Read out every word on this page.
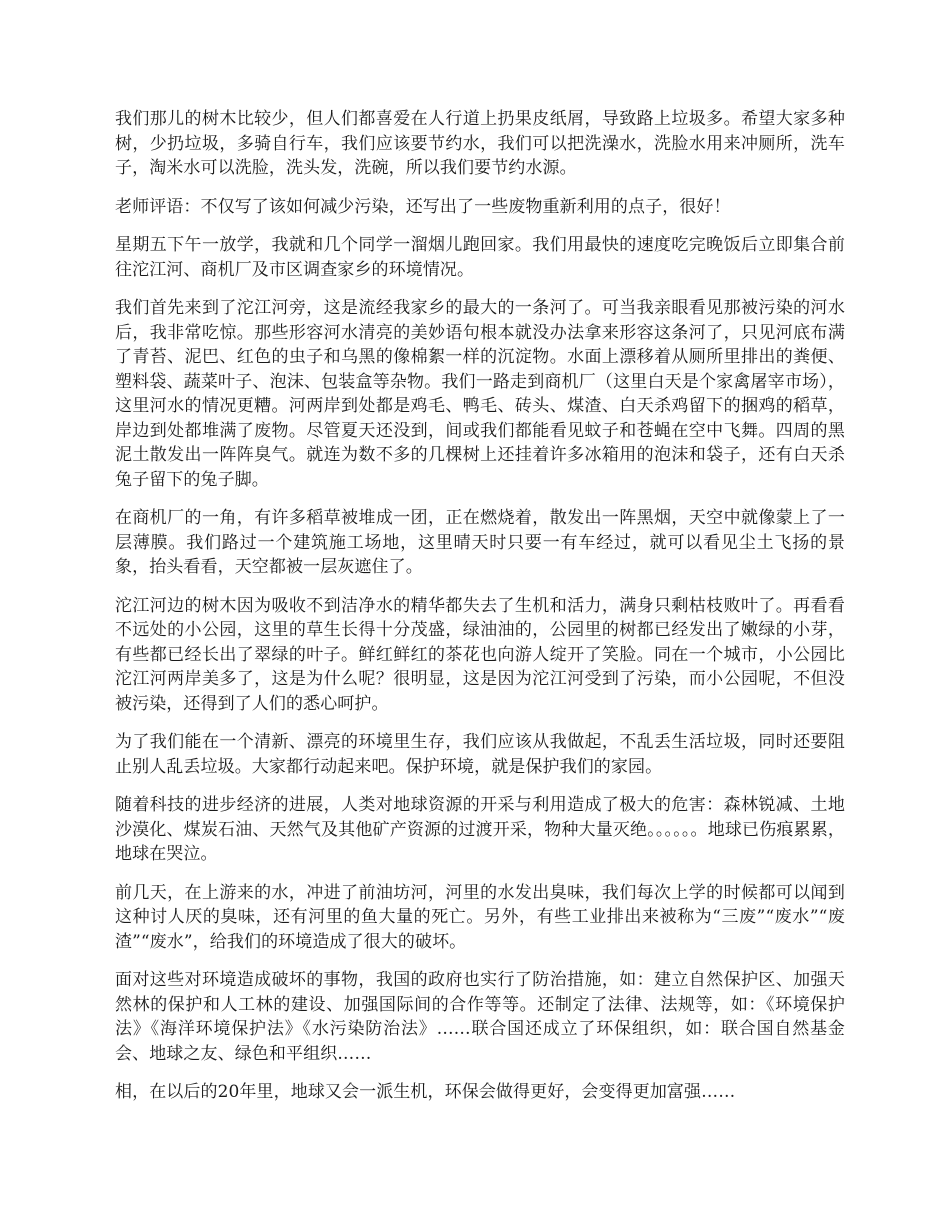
我们那儿的树木比较少，但人们都喜爱在人行道上扔果皮纸屑，导致路上垃圾多。希望大家多种树，少扔垃圾，多骑自行车，我们应该要节约水，我们可以把洗澡水，洗脸水用来冲厕所，洗车子，淘米水可以洗脸，洗头发，洗碗，所以我们要节约水源。

老师评语：不仅写了该如何减少污染，还写出了一些废物重新利用的点子，很好！

星期五下午一放学，我就和几个同学一溜烟儿跑回家。我们用最快的速度吃完晚饭后立即集合前往沱江河、商机厂及市区调查家乡的环境情况。

我们首先来到了沱江河旁，这是流经我家乡的最大的一条河了。可当我亲眼看见那被污染的河水后，我非常吃惊。那些形容河水清亮的美妙语句根本就没办法拿来形容这条河了，只见河底布满了青苔、泥巴、红色的虫子和乌黑的像棉絮一样的沉淀物。水面上漂移着从厕所里排出的粪便、塑料袋、蔬菜叶子、泡沫、包装盒等杂物。我们一路走到商机厂（这里白天是个家禽屠宰市场），这里河水的情况更糟。河两岸到处都是鸡毛、鸭毛、砖头、煤渣、白天杀鸡留下的捆鸡的稻草，岸边到处都堆满了废物。尽管夏天还没到，间或我们都能看见蚊子和苍蝇在空中飞舞。四周的黑泥土散发出一阵阵臭气。就连为数不多的几棵树上还挂着许多冰箱用的泡沫和袋子，还有白天杀兔子留下的兔子脚。

在商机厂的一角，有许多稻草被堆成一团，正在燃烧着，散发出一阵黑烟，天空中就像蒙上了一层薄膜。我们路过一个建筑施工场地，这里晴天时只要一有车经过，就可以看见尘土飞扬的景象，抬头看看，天空都被一层灰遮住了。

沱江河边的树木因为吸收不到洁净水的精华都失去了生机和活力，满身只剩枯枝败叶了。再看看不远处的小公园，这里的草生长得十分茂盛，绿油油的，公园里的树都已经发出了嫩绿的小芽，有些都已经长出了翠绿的叶子。鲜红鲜红的茶花也向游人绽开了笑脸。同在一个城市，小公园比沱江河两岸美多了，这是为什么呢？很明显，这是因为沱江河受到了污染，而小公园呢，不但没被污染，还得到了人们的悉心呵护。

为了我们能在一个清新、漂亮的环境里生存，我们应该从我做起，不乱丢生活垃圾，同时还要阻止别人乱丢垃圾。大家都行动起来吧。保护环境，就是保护我们的家园。

随着科技的进步经济的进展，人类对地球资源的开采与利用造成了极大的危害：森林锐减、土地沙漠化、煤炭石油、天然气及其他矿产资源的过渡开采，物种大量灭绝。。。。。。地球已伤痕累累，地球在哭泣。

前几天，在上游来的水，冲进了前油坊河，河里的水发出臭味，我们每次上学的时候都可以闻到这种讨人厌的臭味，还有河里的鱼大量的死亡。另外，有些工业排出来被称为“三废”“废水”“废渣”“废水”，给我们的环境造成了很大的破坏。

面对这些对环境造成破坏的事物，我国的政府也实行了防治措施，如：建立自然保护区、加强天然林的保护和人工林的建设、加强国际间的合作等等。还制定了法律、法规等，如：《环境保护法》《海洋环境保护法》《水污染防治法》……联合国还成立了环保组织，如：联合国自然基金会、地球之友、绿色和平组织……

相，在以后的20年里，地球又会一派生机，环保会做得更好，会变得更加富强……
